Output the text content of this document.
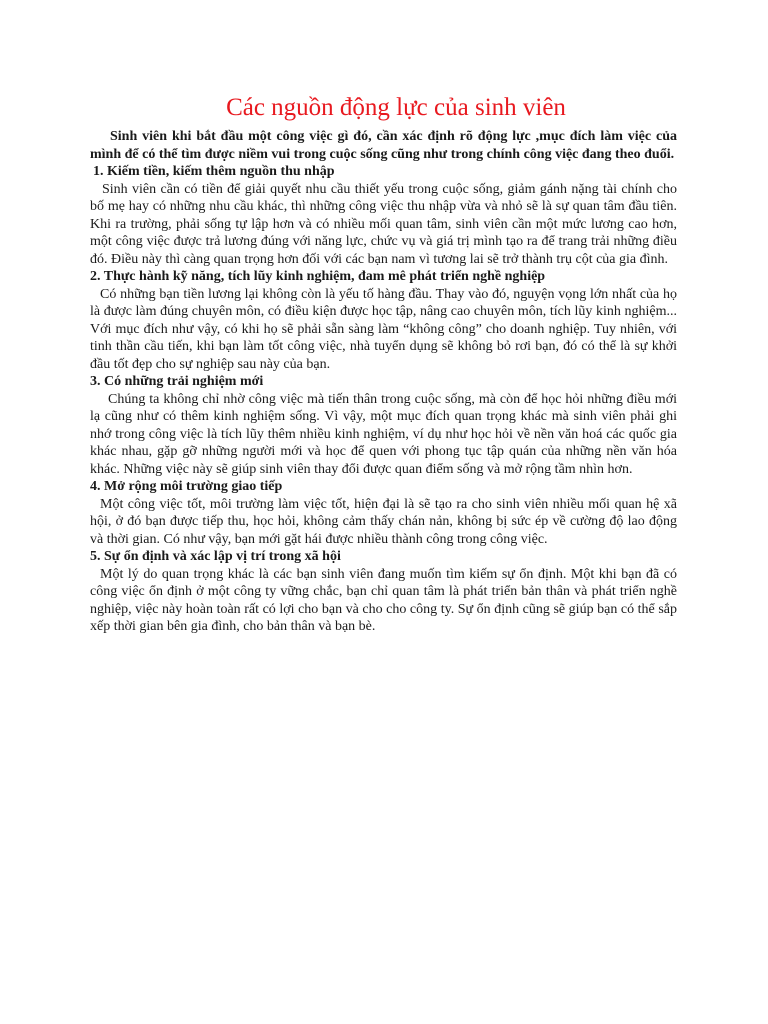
Các nguồn động lực của sinh viên

Sinh viên khi bắt đầu một công việc gì đó, cần xác định rõ động lực ,mục đích làm việc của mình để có thể tìm được niềm vui trong cuộc sống cũng như trong chính công việc đang theo đuổi.

1. Kiếm tiền, kiếm thêm nguồn thu nhập

Sinh viên cần có tiền để giải quyết nhu cầu thiết yếu trong cuộc sống, giảm gánh nặng tài chính cho bố mẹ hay có những nhu cầu khác, thì những công việc thu nhập vừa và nhỏ sẽ là sự quan tâm đầu tiên. Khi ra trường, phải sống tự lập hơn và có nhiều mối quan tâm, sinh viên cần một mức lương cao hơn, một công việc được trả lương đúng với năng lực, chức vụ và giá trị mình tạo ra để trang trải những điều đó. Điều này thì càng quan trọng hơn đối với các bạn nam vì tương lai sẽ trở thành trụ cột của gia đình.

2. Thực hành kỹ năng, tích lũy kinh nghiệm, đam mê phát triển nghề nghiệp

Có những bạn tiền lương lại không còn là yếu tố hàng đầu. Thay vào đó, nguyện vọng lớn nhất của họ là được làm đúng chuyên môn, có điều kiện được học tập, nâng cao chuyên môn, tích lũy kinh nghiệm... Với mục đích như vậy, có khi họ sẽ phải sẵn sàng làm “không công” cho doanh nghiệp. Tuy nhiên, với tinh thần cầu tiến, khi bạn làm tốt công việc, nhà tuyển dụng sẽ không bỏ rơi bạn, đó có thể là sự khởi đầu tốt đẹp cho sự nghiệp sau này của bạn.

3. Có những trải nghiệm mới

Chúng ta không chỉ nhờ công việc mà tiến thân trong cuộc sống, mà còn để học hỏi những điều mới lạ cũng như có thêm kinh nghiệm sống. Vì vậy, một mục đích quan trọng khác mà sinh viên phải ghi nhớ trong công việc là tích lũy thêm nhiều kinh nghiệm, ví dụ như học hỏi về nền văn hoá các quốc gia khác nhau, gặp gỡ những người mới và học để quen với phong tục tập quán của những nền văn hóa khác. Những việc này sẽ giúp sinh viên thay đổi được quan điểm sống và mở rộng tầm nhìn hơn.

4. Mở rộng môi trường giao tiếp

Một công việc tốt, môi trường làm việc tốt, hiện đại là sẽ tạo ra cho sinh viên nhiều mối quan hệ xã hội, ở đó bạn được tiếp thu, học hỏi, không cảm thấy chán nản, không bị sức ép về cường độ lao động và thời gian. Có như vậy, bạn mới gặt hái được nhiều thành công trong công việc.

5. Sự ổn định và xác lập vị trí trong xã hội

Một lý do quan trọng khác là các bạn sinh viên đang muốn tìm kiếm sự ổn định. Một khi bạn đã có công việc ổn định ở một công ty vững chắc, bạn chỉ quan tâm là phát triển bản thân và phát triển nghề nghiệp, việc này hoàn toàn rất có lợi cho bạn và cho cho công ty. Sự ổn định cũng sẽ giúp bạn có thể sắp xếp thời gian bên gia đình, cho bản thân và bạn bè.
